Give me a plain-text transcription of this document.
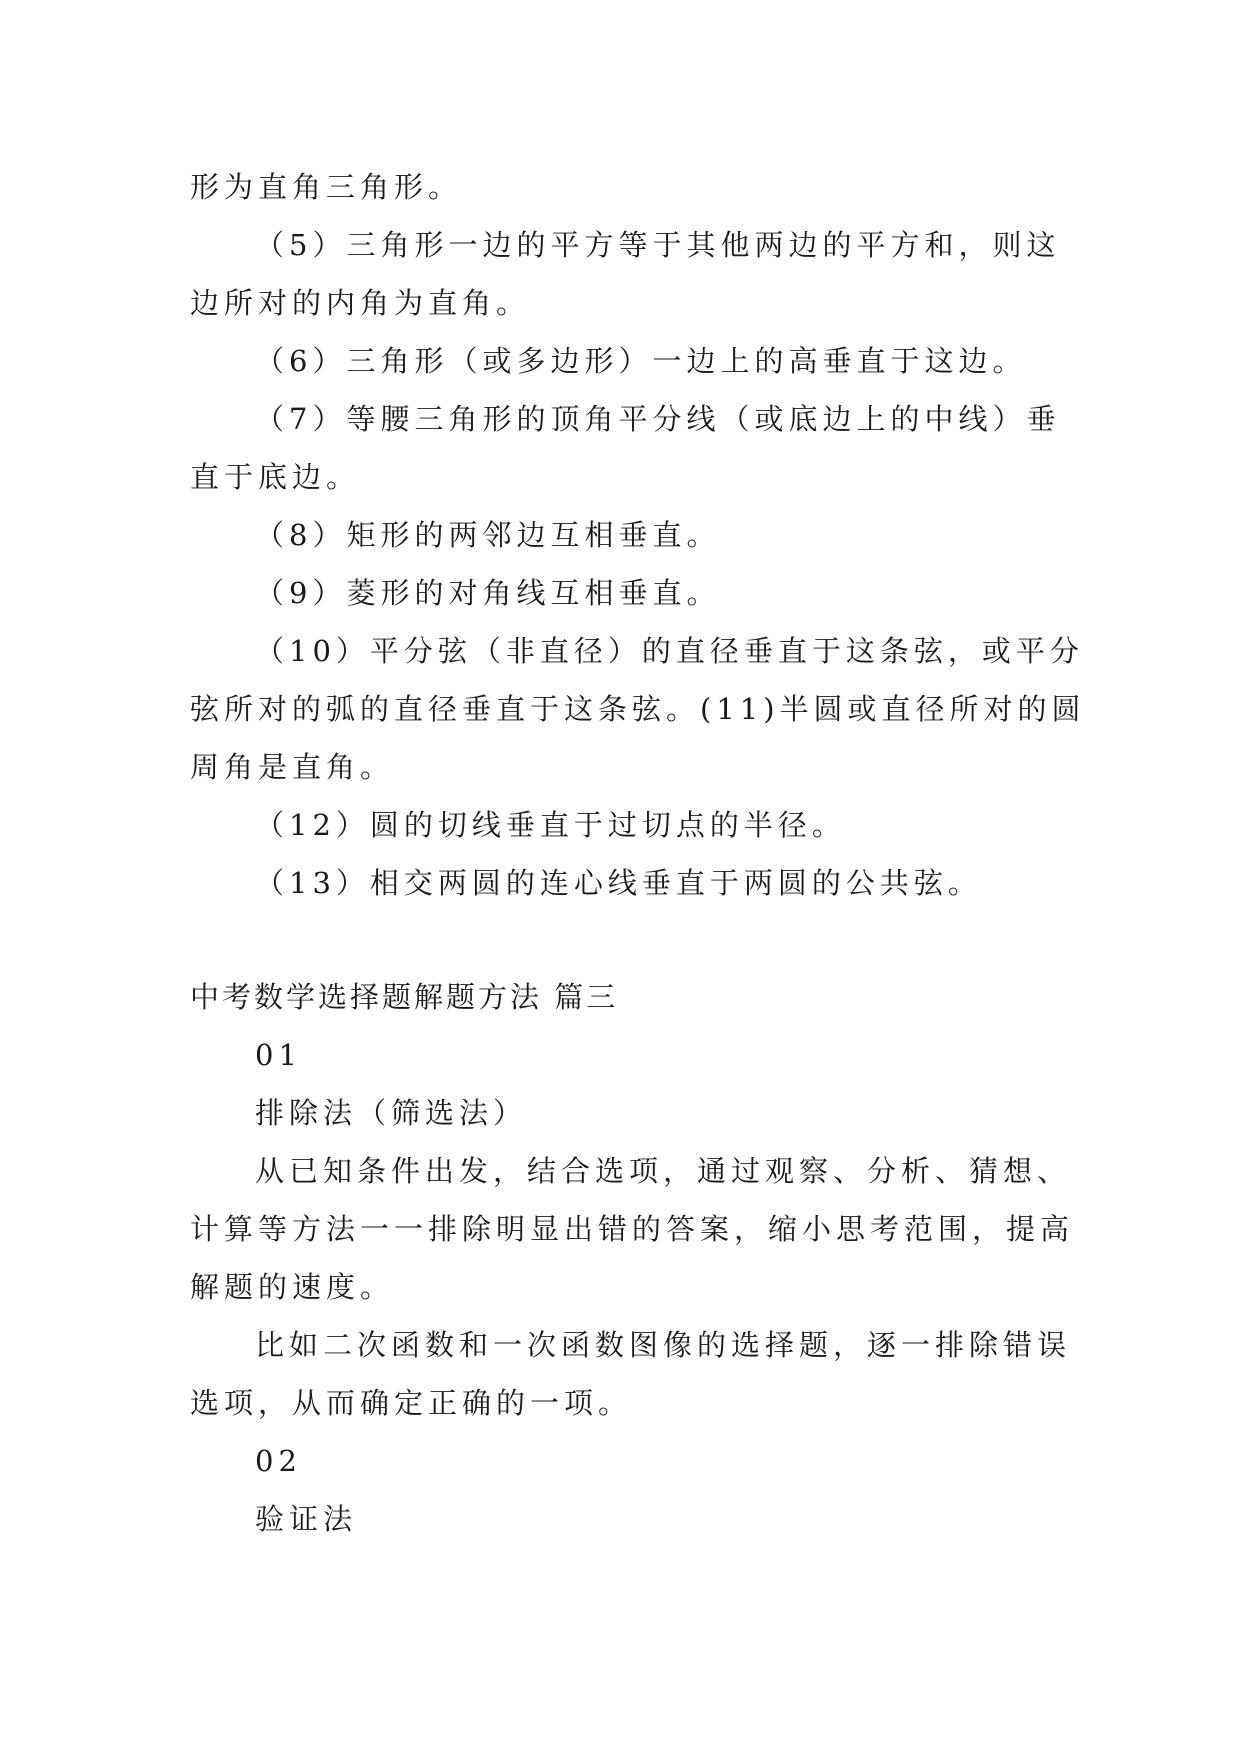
形为直角三角形。
（5）三角形一边的平方等于其他两边的平方和，则这
边所对的内角为直角。
（6）三角形（或多边形）一边上的高垂直于这边。
（7）等腰三角形的顶角平分线（或底边上的中线）垂
直于底边。
（8）矩形的两邻边互相垂直。
（9）菱形的对角线互相垂直。
（10）平分弦（非直径）的直径垂直于这条弦，或平分
弦所对的弧的直径垂直于这条弦。(11)半圆或直径所对的圆
周角是直角。
（12）圆的切线垂直于过切点的半径。
（13）相交两圆的连心线垂直于两圆的公共弦。
中考数学选择题解题方法 篇三
01
排除法（筛选法）
从已知条件出发，结合选项，通过观察、分析、猜想、
计算等方法一一排除明显出错的答案，缩小思考范围，提高
解题的速度。
比如二次函数和一次函数图像的选择题，逐一排除错误
选项，从而确定正确的一项。
02
验证法
